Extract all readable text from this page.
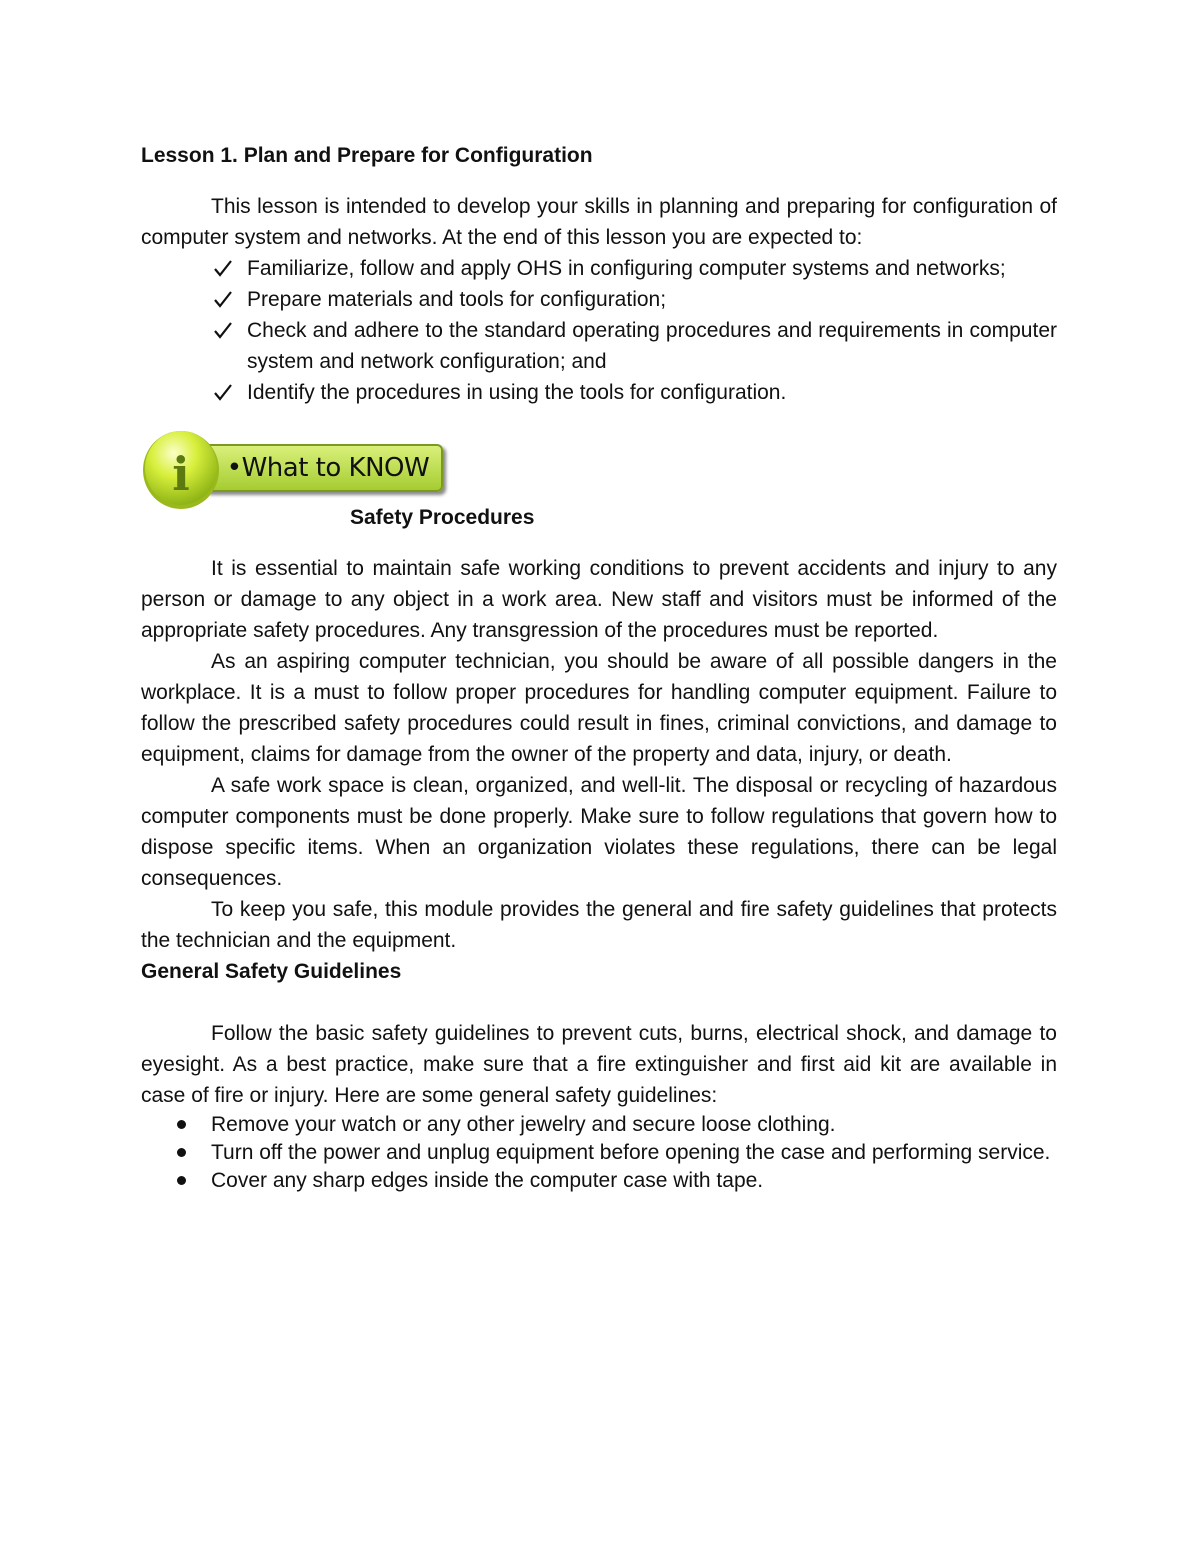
Lesson 1. Plan and Prepare for Configuration

This lesson is intended to develop your skills in planning and preparing for configuration of computer system and networks. At the end of this lesson you are expected to:

Familiarize, follow and apply OHS in configuring computer systems and networks;
Prepare materials and tools for configuration;
Check and adhere to the standard operating procedures and requirements in computer system and network configuration; and
Identify the procedures in using the tools for configuration.
•What to KNOW
i
Safety Procedures

It is essential to maintain safe working conditions to prevent accidents and injury to any person or damage to any object in a work area. New staff and visitors must be informed of the appropriate safety procedures. Any transgression of the procedures must be reported.

As an aspiring computer technician, you should be aware of all possible dangers in the workplace. It is a must to follow proper procedures for handling computer equipment. Failure to follow the prescribed safety procedures could result in fines, criminal convictions, and damage to equipment, claims for damage from the owner of the property and data, injury, or death.

A safe work space is clean, organized, and well-lit. The disposal or recycling of hazardous computer components must be done properly. Make sure to follow regulations that govern how to dispose specific items. When an organization violates these regulations, there can be legal consequences.

To keep you safe, this module provides the general and fire safety guidelines that protects the technician and the equipment.

General Safety Guidelines

Follow the basic safety guidelines to prevent cuts, burns, electrical shock, and damage to eyesight. As a best practice, make sure that a fire extinguisher and first aid kit are available in case of fire or injury. Here are some general safety guidelines:

Remove your watch or any other jewelry and secure loose clothing.
Turn off the power and unplug equipment before opening the case and performing service.
Cover any sharp edges inside the computer case with tape.
